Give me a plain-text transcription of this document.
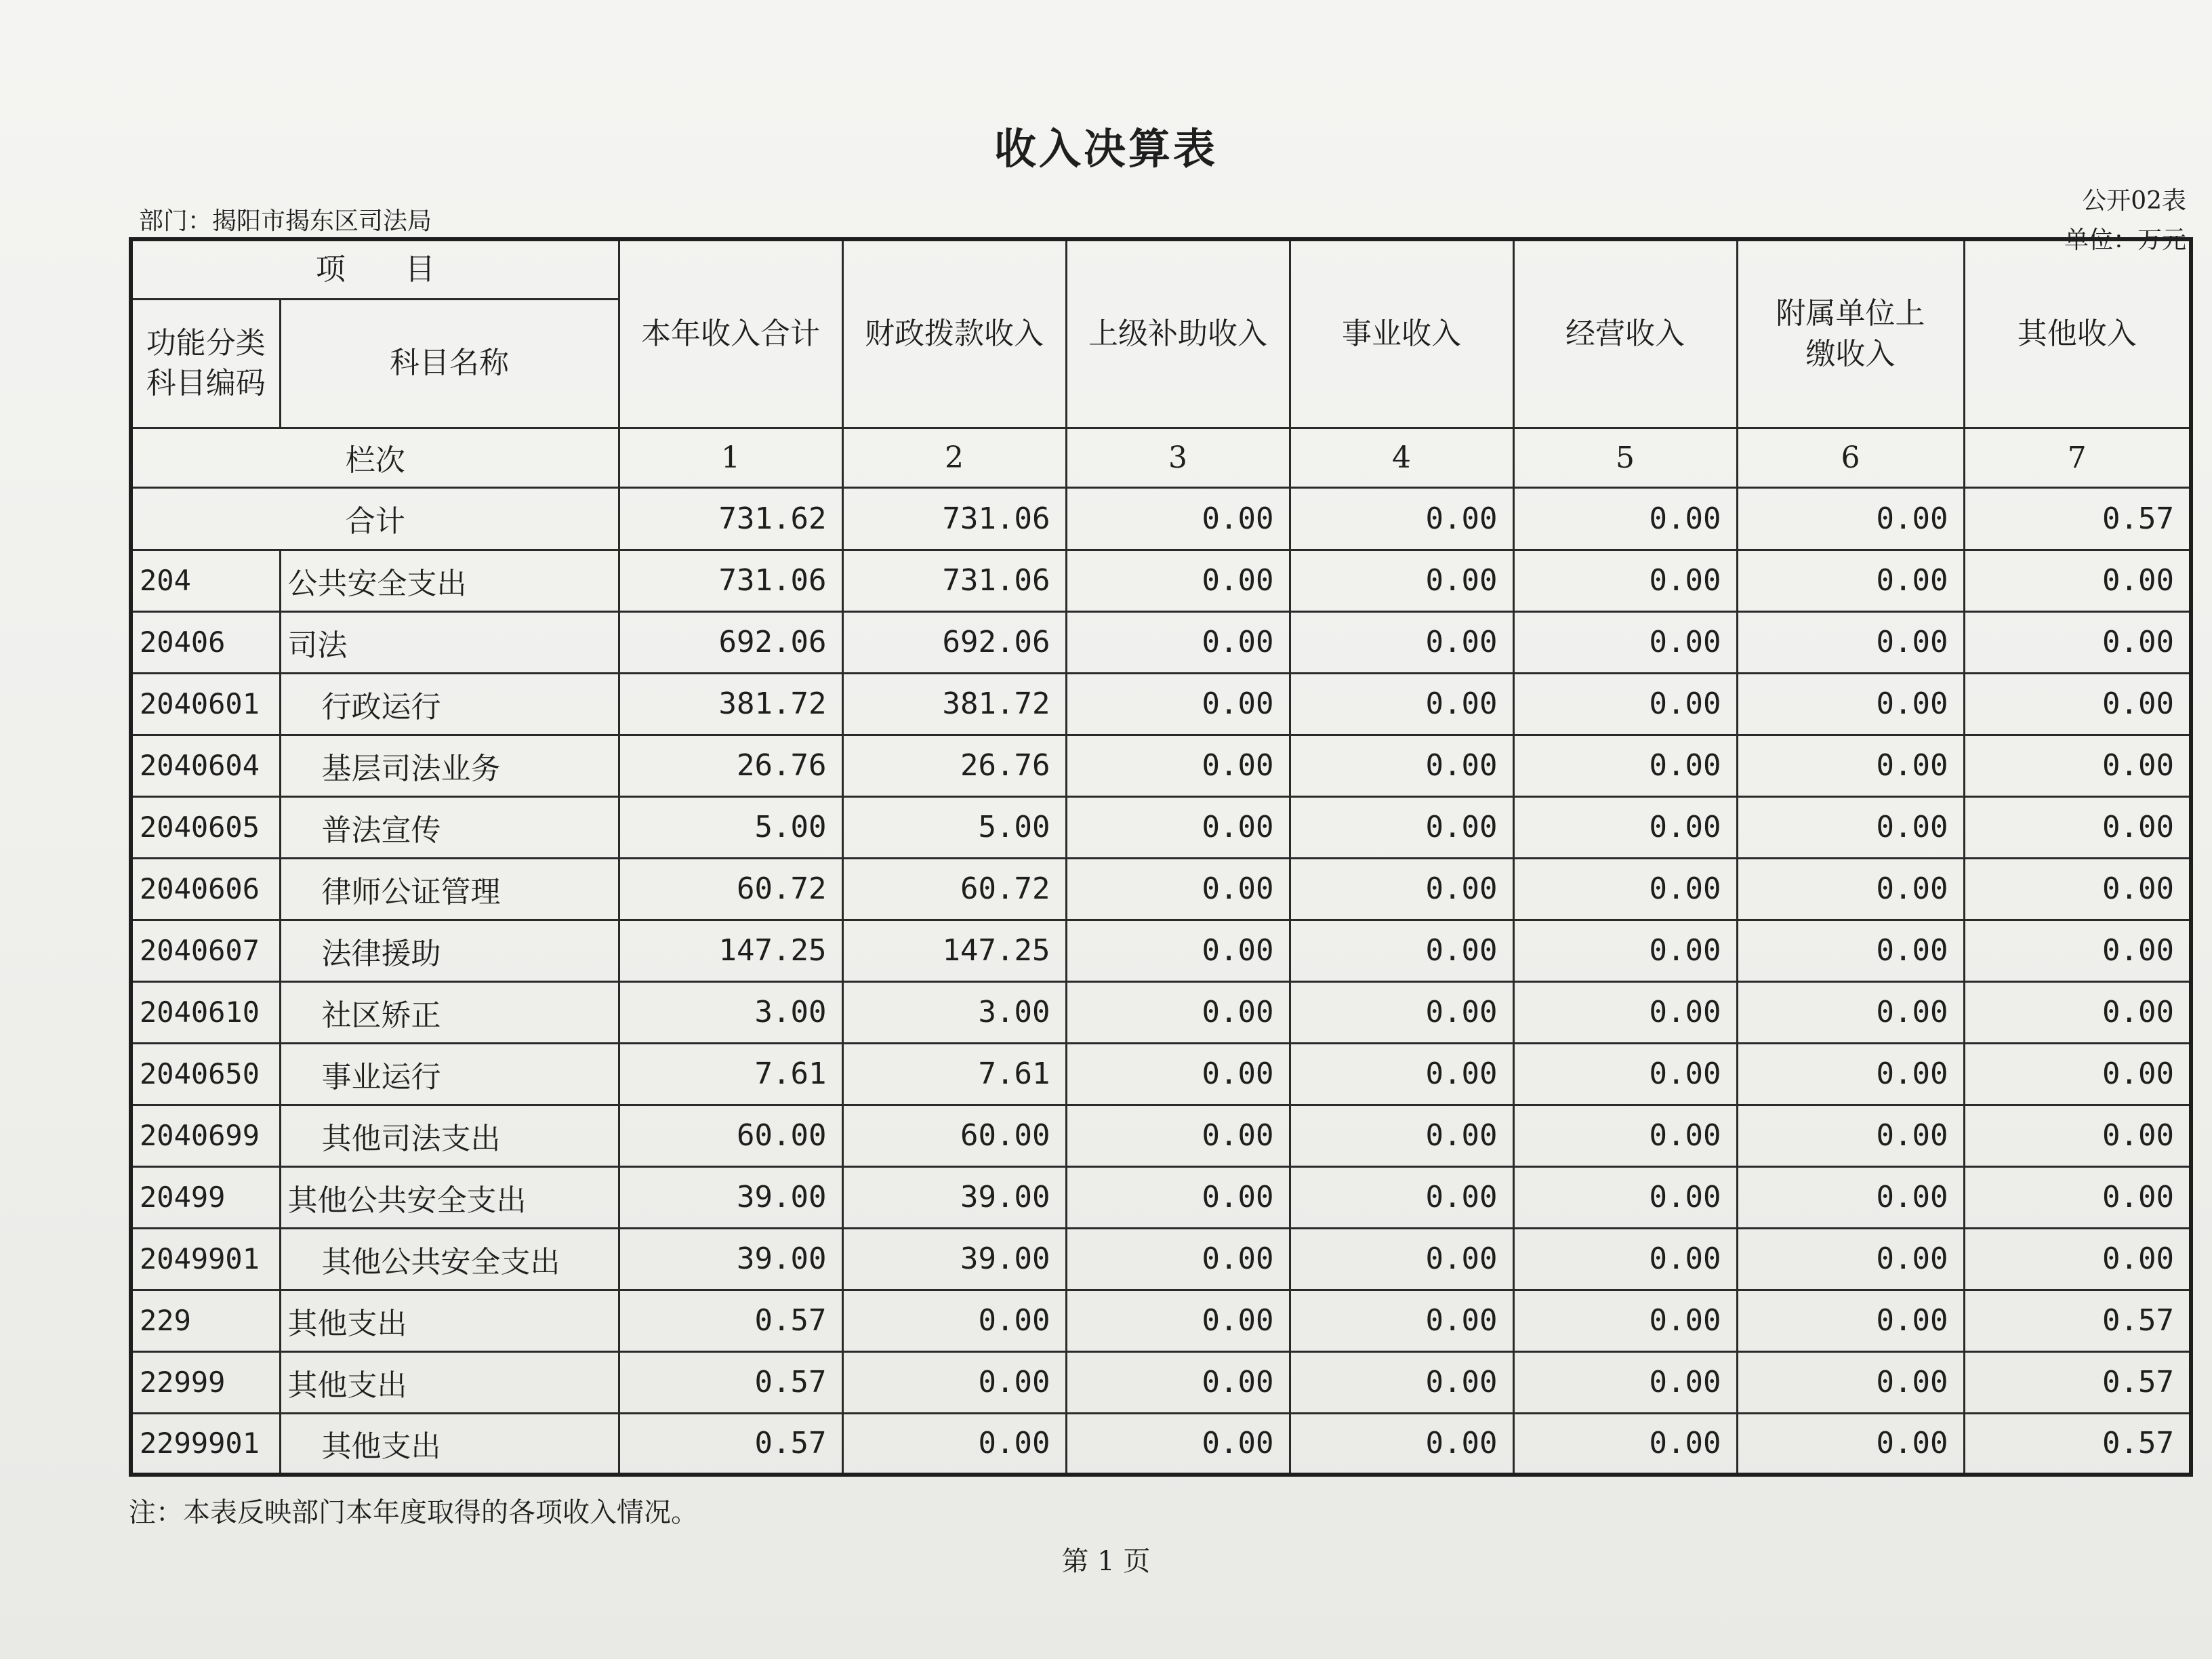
收入决算表
部门：揭阳市揭东区司法局
公开02表
单位：万元
项　　目		本年收入合计	财政拨款收入	上级补助收入	事业收入	经营收入	附属单位上缴收入	其他收入
功能分类科目编码	科目名称							
栏次		1	2	3	4	5	6	7
合计		731.62	731.06	0.00	0.00	0.00	0.00	0.57
204	公共安全支出	731.06	731.06	0.00	0.00	0.00	0.00	0.00
20406	司法	692.06	692.06	0.00	0.00	0.00	0.00	0.00
2040601	行政运行	381.72	381.72	0.00	0.00	0.00	0.00	0.00
2040604	基层司法业务	26.76	26.76	0.00	0.00	0.00	0.00	0.00
2040605	普法宣传	5.00	5.00	0.00	0.00	0.00	0.00	0.00
2040606	律师公证管理	60.72	60.72	0.00	0.00	0.00	0.00	0.00
2040607	法律援助	147.25	147.25	0.00	0.00	0.00	0.00	0.00
2040610	社区矫正	3.00	3.00	0.00	0.00	0.00	0.00	0.00
2040650	事业运行	7.61	7.61	0.00	0.00	0.00	0.00	0.00
2040699	其他司法支出	60.00	60.00	0.00	0.00	0.00	0.00	0.00
20499	其他公共安全支出	39.00	39.00	0.00	0.00	0.00	0.00	0.00
2049901	其他公共安全支出	39.00	39.00	0.00	0.00	0.00	0.00	0.00
229	其他支出	0.57	0.00	0.00	0.00	0.00	0.00	0.57
22999	其他支出	0.57	0.00	0.00	0.00	0.00	0.00	0.57
2299901	其他支出	0.57	0.00	0.00	0.00	0.00	0.00	0.57
注：本表反映部门本年度取得的各项收入情况。
第 1 页
